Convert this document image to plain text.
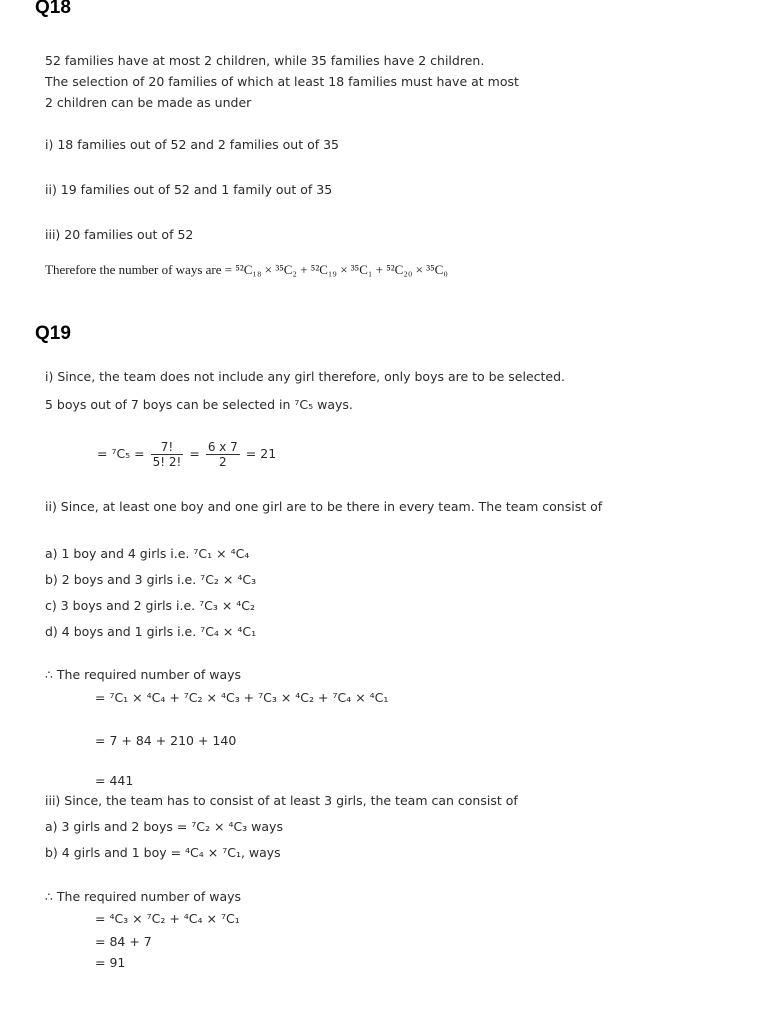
Q18
52 families have at most 2 children, while 35 families have 2 children.
The selection of 20 families of which at least 18 families must have at most
2 children can be made as under
i) 18 families out of 52 and 2 families out of 35
ii) 19 families out of 52 and 1 family out of 35
iii) 20 families out of 52
Therefore the number of ways are = ⁵²C₁₈ × ³⁵C₂ + ⁵²C₁₉ × ³⁵C₁ + ⁵²C₂₀ × ³⁵C₀
Q19
i) Since, the team does not include any girl therefore, only boys are to be selected.
5 boys out of 7 boys can be selected in ⁷C₅ ways.
= $^7C_5 = \frac{7!}{5! 2!} = \frac{6 x 7}{2} = 21$
ii) Since, at least one boy and one girl are to be there in every team. The team consist of
a) 1 boy and 4 girls i.e. ⁷C₁ × ⁴C₄
b) 2 boys and 3 girls i.e. ⁷C₂ × ⁴C₃
c) 3 boys and 2 girls i.e. ⁷C₃ × ⁴C₂
d) 4 boys and 1 girls i.e. ⁷C₄ × ⁴C₁
∴ The required number of ways
= ⁷C₁ × ⁴C₄ + ⁷C₂ × ⁴C₃ + ⁷C₃ × ⁴C₂ + ⁷C₄ × ⁴C₁
= 7 + 84 + 210 + 140
= 441
iii) Since, the team has to consist of at least 3 girls, the team can consist of
a) 3 girls and 2 boys = ⁷C₂ × ⁴C₃ ways
b) 4 girls and 1 boy = ⁴C₄ × ⁷C₁, ways
∴ The required number of ways
= ⁴C₃ × ⁷C₂ + ⁴C₄ × ⁷C₁
= 84 + 7
= 91
